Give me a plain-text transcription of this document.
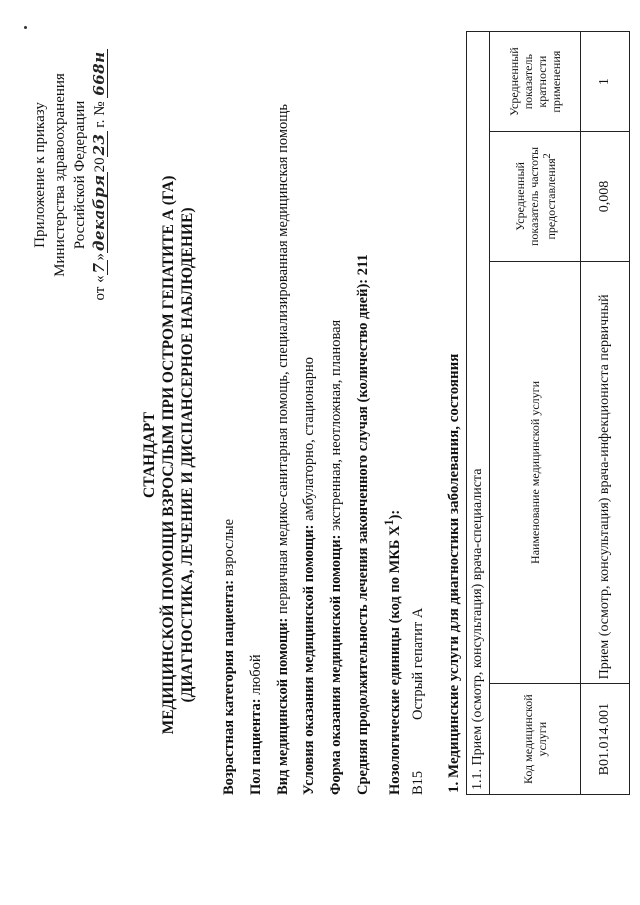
Приложение к приказу Министерства здравоохранения Российской Федерации
от «7»декабря2023 г. № 668н
СТАНДАРТ МЕДИЦИНСКОЙ ПОМОЩИ ВЗРОСЛЫМ ПРИ ОСТРОМ ГЕПАТИТЕ А (ГА) (ДИАГНОСТИКА, ЛЕЧЕНИЕ И ДИСПАНСЕРНОЕ НАБЛЮДЕНИЕ) Возрастная категория пациента: взрослые
Пол пациента: любой Вид медицинской помощи: первичная медико-санитарная помощь, специализированная медицинская помощь
Условия оказания медицинской помощи: амбулаторно, стационарно
Форма оказания медицинской помощи: экстренная, неотложная, плановая Средняя продолжительность лечения законченного случая (количество дней): 211
Нозологические единицы (код по МКБ $X^1$):
B15
Острый гепатит A 1. Медицинские услуги для диагностики заболевания, состояния 1.1. Прием (осмотр, консультация) врача-специалиста			
Код медицинской услуги	Наименование медицинской услуги	Усредненный показатель частоты предоставления$^2$	Усредненный показатель кратности применения
B01.014.001	Прием (осмотр, консультация) врача-инфекциониста первичный	0,008	1
